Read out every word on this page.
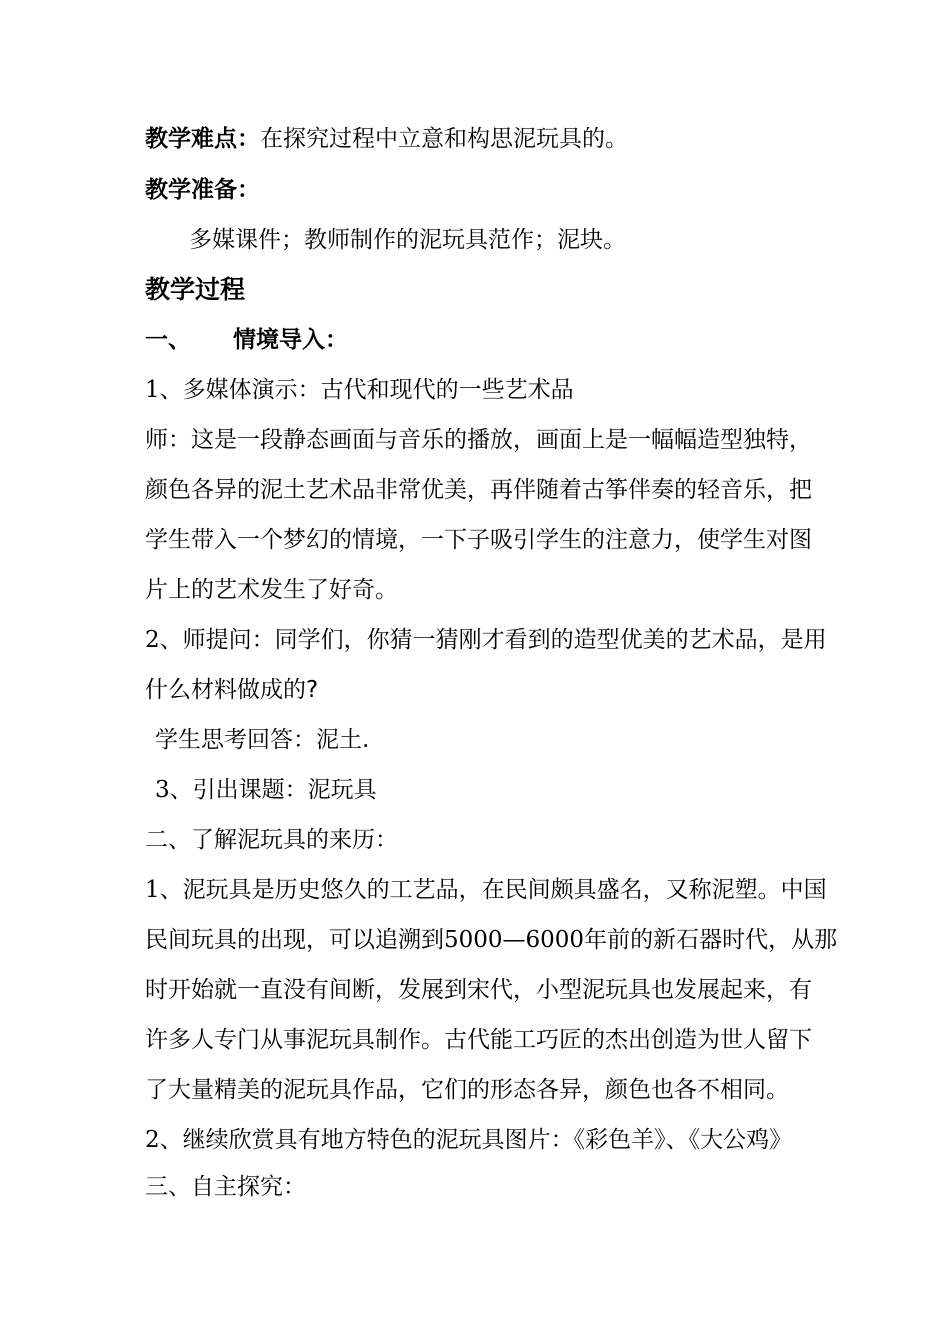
教学难点：在探究过程中立意和构思泥玩具的。
教学准备：
多媒课件；教师制作的泥玩具范作；泥块。
教学过程
一、 情境导入：
1、多媒体演示：古代和现代的一些艺术品
师：这是一段静态画面与音乐的播放，画面上是一幅幅造型独特，
颜色各异的泥土艺术品非常优美，再伴随着古筝伴奏的轻音乐，把
学生带入一个梦幻的情境，一下子吸引学生的注意力，使学生对图
片上的艺术发生了好奇。
2、师提问：同学们，你猜一猜刚才看到的造型优美的艺术品，是用
什么材料做成的?
学生思考回答：泥土.
3、引出课题：泥玩具
二、了解泥玩具的来历：
1、泥玩具是历史悠久的工艺品，在民间颇具盛名，又称泥塑。中国
民间玩具的出现，可以追溯到5000—6000年前的新石器时代，从那
时开始就一直没有间断，发展到宋代，小型泥玩具也发展起来，有
许多人专门从事泥玩具制作。古代能工巧匠的杰出创造为世人留下
了大量精美的泥玩具作品，它们的形态各异，颜色也各不相同。
2、继续欣赏具有地方特色的泥玩具图片：《彩色羊》、《大公鸡》
三、自主探究：
